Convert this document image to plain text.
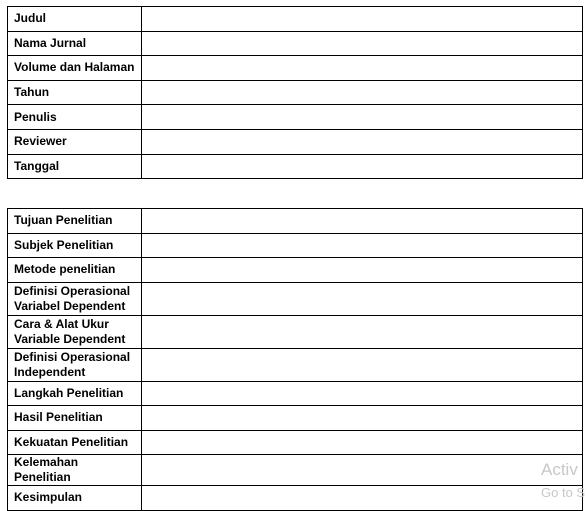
Judul	
Nama Jurnal	
Volume dan Halaman	
Tahun	
Penulis	
Reviewer	
Tanggal	
Tujuan Penelitian	
Subjek Penelitian	
Metode penelitian	
Definisi Operasional Variabel Dependent	
Cara & Alat Ukur Variable Dependent	
Definisi Operasional Independent	
Langkah Penelitian	
Hasil Penelitian	
Kekuatan Penelitian	
Kelemahan Penelitian	
Kesimpulan	
Activ
Go to S
